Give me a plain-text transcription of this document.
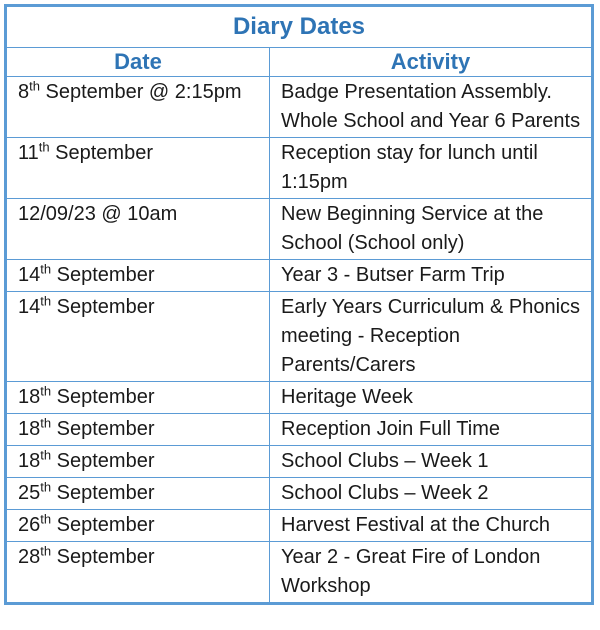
Diary Dates	
Date	Activity
8th September @ 2:15pm	Badge Presentation Assembly. Whole School and Year 6 Parents
11th September	Reception stay for lunch until 1:15pm
12/09/23 @ 10am	New Beginning Service at the School (School only)
14th September	Year 3 - Butser Farm Trip
14th September	Early Years Curriculum & Phonics meeting - Reception Parents/Carers
18th September	Heritage Week
18th September	Reception Join Full Time
18th September	School Clubs – Week 1
25th September	School Clubs – Week 2
26th September	Harvest Festival at the Church
28th September	Year 2 - Great Fire of London Workshop
